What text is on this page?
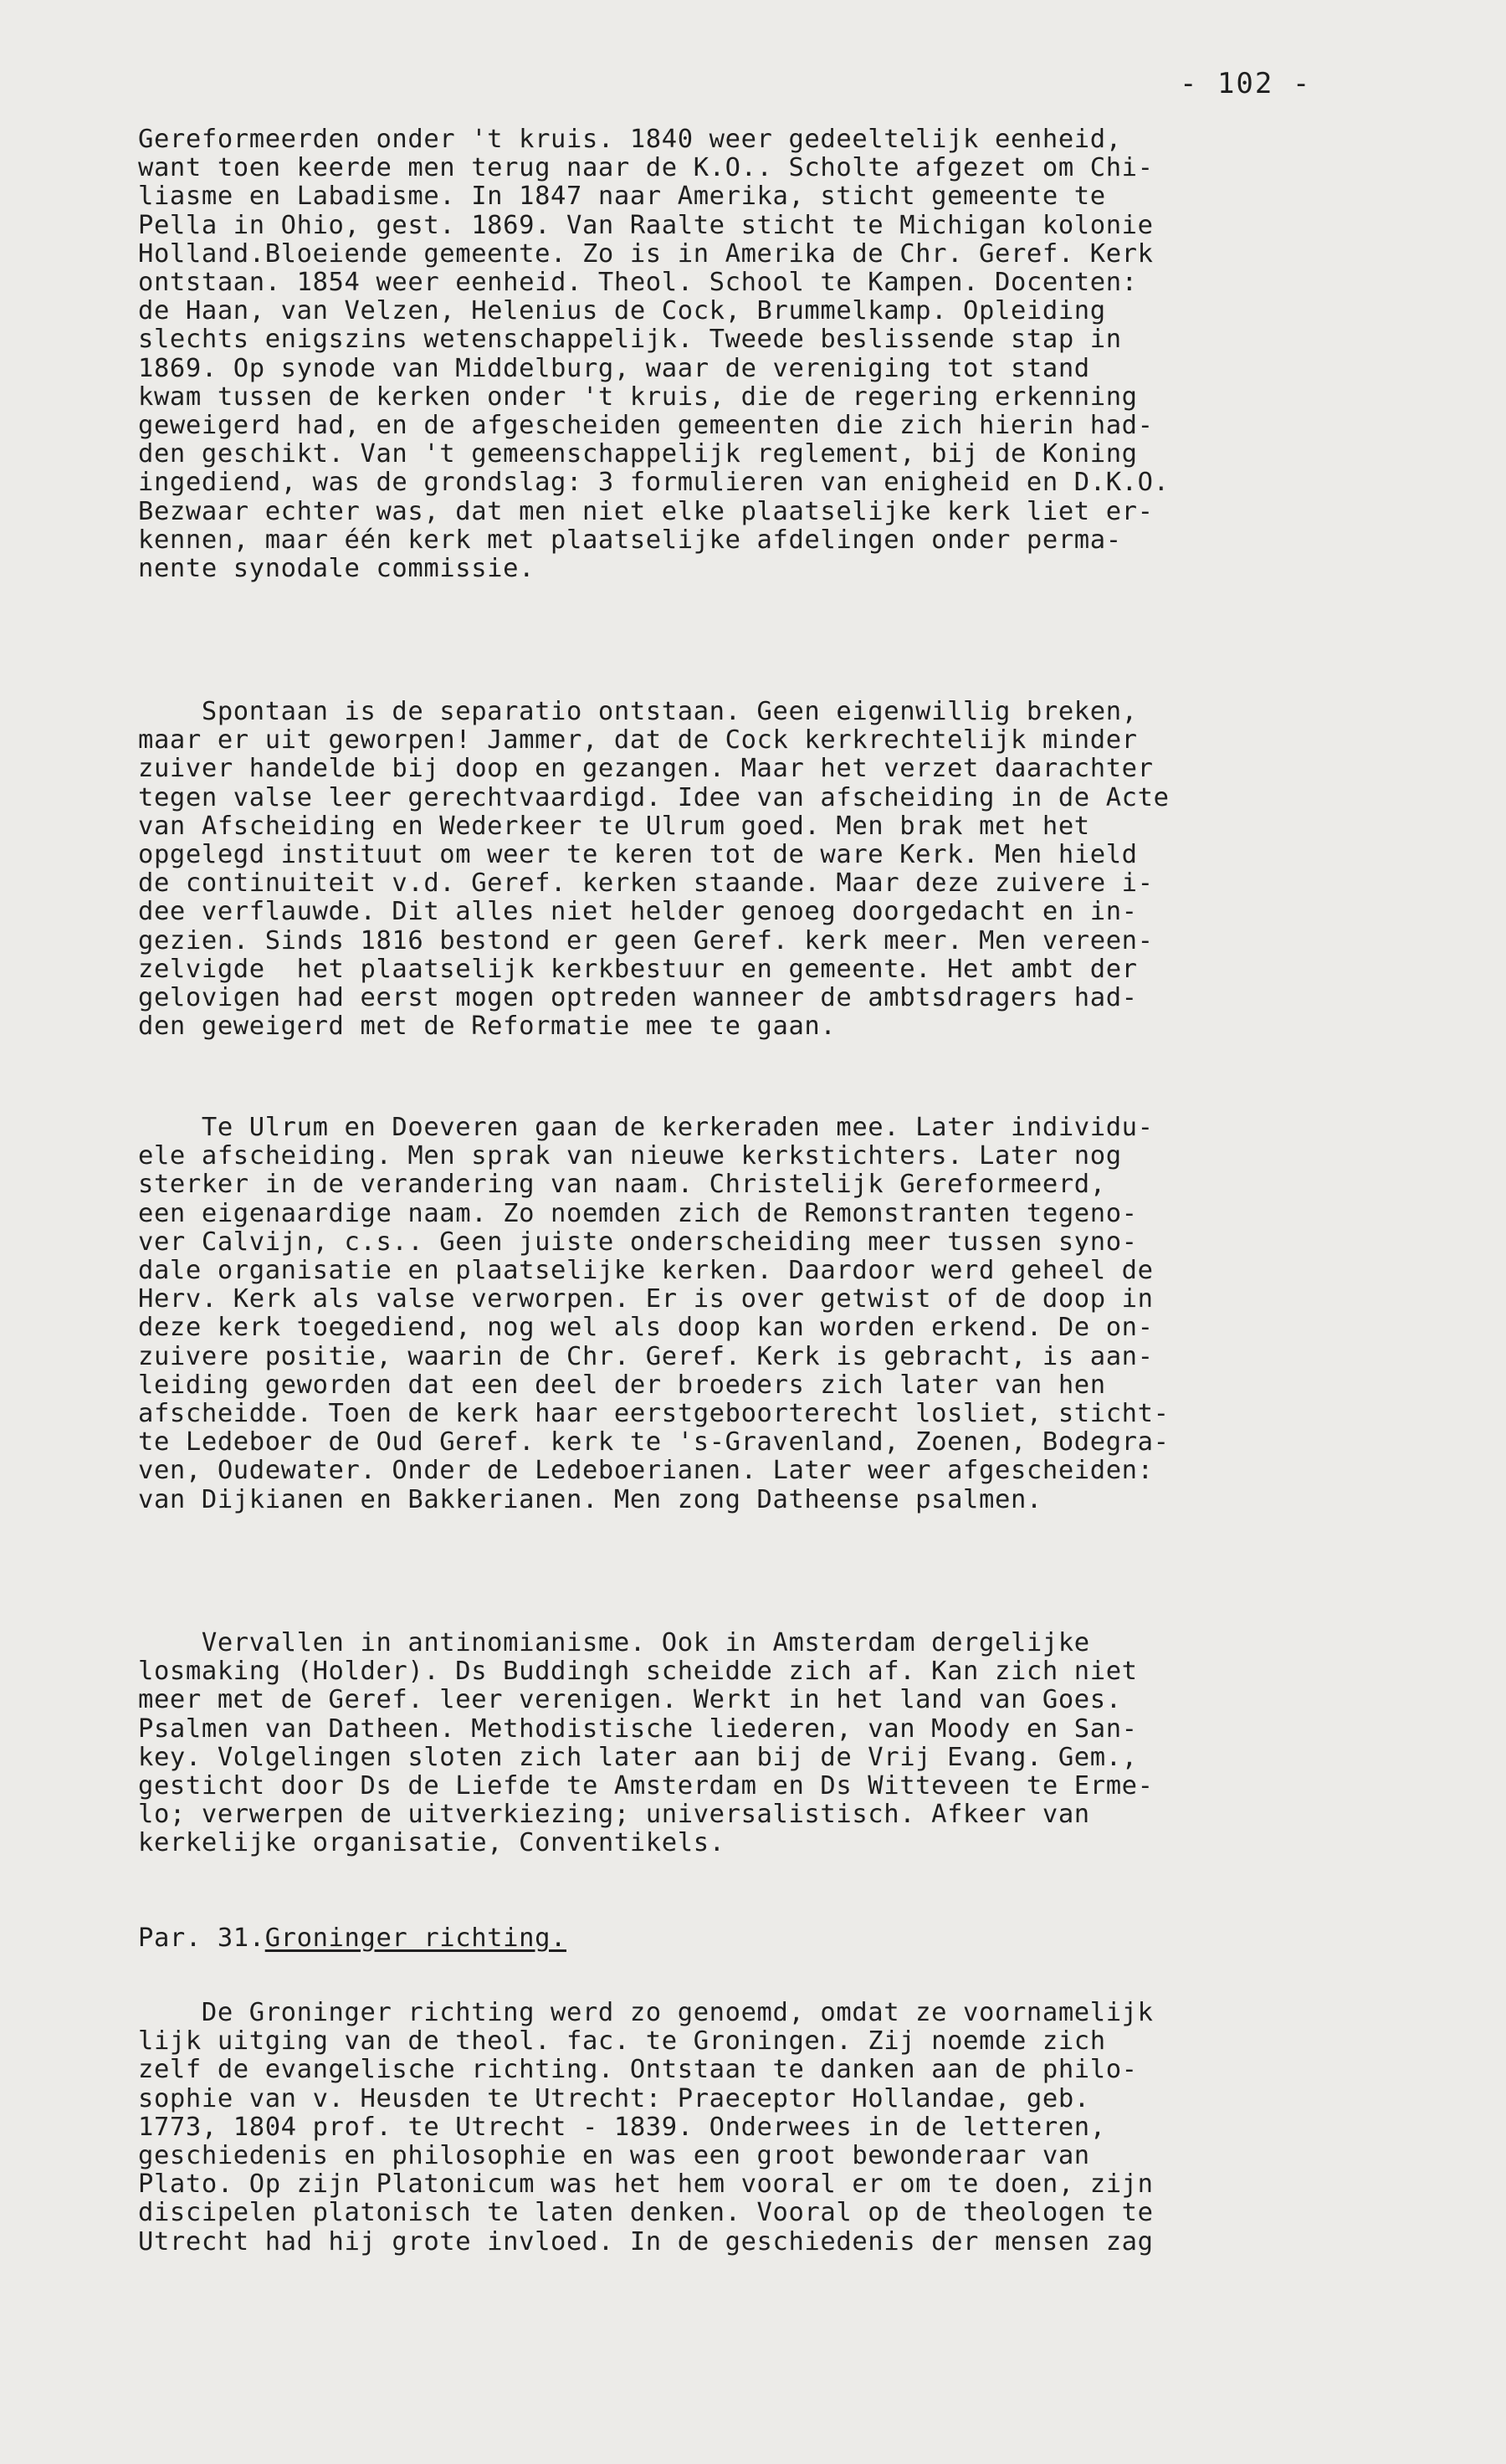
- 102 -

Gereformeerden onder 't kruis. 1840 weer gedeeltelijk eenheid,
want toen keerde men terug naar de K.O.. Scholte afgezet om Chi-
liasme en Labadisme. In 1847 naar Amerika, sticht gemeente te
Pella in Ohio, gest. 1869. Van Raalte sticht te Michigan kolonie
Holland.Bloeiende gemeente. Zo is in Amerika de Chr. Geref. Kerk
ontstaan. 1854 weer eenheid. Theol. School te Kampen. Docenten:
de Haan, van Velzen, Helenius de Cock, Brummelkamp. Opleiding
slechts enigszins wetenschappelijk. Tweede beslissende stap in
1869. Op synode van Middelburg, waar de vereniging tot stand
kwam tussen de kerken onder 't kruis, die de regering erkenning
geweigerd had, en de afgescheiden gemeenten die zich hierin had-
den geschikt. Van 't gemeenschappelijk reglement, bij de Koning
ingediend, was de grondslag: 3 formulieren van enigheid en D.K.O.
Bezwaar echter was, dat men niet elke plaatselijke kerk liet er-
kennen, maar één kerk met plaatselijke afdelingen onder perma-
nente synodale commissie.

Spontaan is de separatio ontstaan. Geen eigenwillig breken,
maar er uit geworpen! Jammer, dat de Cock kerkrechtelijk minder
zuiver handelde bij doop en gezangen. Maar het verzet daarachter
tegen valse leer gerechtvaardigd. Idee van afscheiding in de Acte
van Afscheiding en Wederkeer te Ulrum goed. Men brak met het
opgelegd instituut om weer te keren tot de ware Kerk. Men hield
de continuiteit v.d. Geref. kerken staande. Maar deze zuivere i-
dee verflauwde. Dit alles niet helder genoeg doorgedacht en in-
gezien. Sinds 1816 bestond er geen Geref. kerk meer. Men vereen-
zelvigde  het plaatselijk kerkbestuur en gemeente. Het ambt der
gelovigen had eerst mogen optreden wanneer de ambtsdragers had-
den geweigerd met de Reformatie mee te gaan.

Te Ulrum en Doeveren gaan de kerkeraden mee. Later individu-
ele afscheiding. Men sprak van nieuwe kerkstichters. Later nog
sterker in de verandering van naam. Christelijk Gereformeerd,
een eigenaardige naam. Zo noemden zich de Remonstranten tegeno-
ver Calvijn, c.s.. Geen juiste onderscheiding meer tussen syno-
dale organisatie en plaatselijke kerken. Daardoor werd geheel de
Herv. Kerk als valse verworpen. Er is over getwist of de doop in
deze kerk toegediend, nog wel als doop kan worden erkend. De on-
zuivere positie, waarin de Chr. Geref. Kerk is gebracht, is aan-
leiding geworden dat een deel der broeders zich later van hen
afscheidde. Toen de kerk haar eerstgeboorterecht losliet, sticht-
te Ledeboer de Oud Geref. kerk te 's-Gravenland, Zoenen, Bodegra-
ven, Oudewater. Onder de Ledeboerianen. Later weer afgescheiden:
van Dijkianen en Bakkerianen. Men zong Datheense psalmen.

Vervallen in antinomianisme. Ook in Amsterdam dergelijke
losmaking (Holder). Ds Buddingh scheidde zich af. Kan zich niet
meer met de Geref. leer verenigen. Werkt in het land van Goes.
Psalmen van Datheen. Methodistische liederen, van Moody en San-
key. Volgelingen sloten zich later aan bij de Vrij Evang. Gem.,
gesticht door Ds de Liefde te Amsterdam en Ds Witteveen te Erme-
lo; verwerpen de uitverkiezing; universalistisch. Afkeer van
kerkelijke organisatie, Conventikels.

Par. 31.Groninger richting.

De Groninger richting werd zo genoemd, omdat ze voornamelijk
lijk uitging van de theol. fac. te Groningen. Zij noemde zich
zelf de evangelische richting. Ontstaan te danken aan de philo-
sophie van v. Heusden te Utrecht: Praeceptor Hollandae, geb.
1773, 1804 prof. te Utrecht - 1839. Onderwees in de letteren,
geschiedenis en philosophie en was een groot bewonderaar van
Plato. Op zijn Platonicum was het hem vooral er om te doen, zijn
discipelen platonisch te laten denken. Vooral op de theologen te
Utrecht had hij grote invloed. In de geschiedenis der mensen zag
